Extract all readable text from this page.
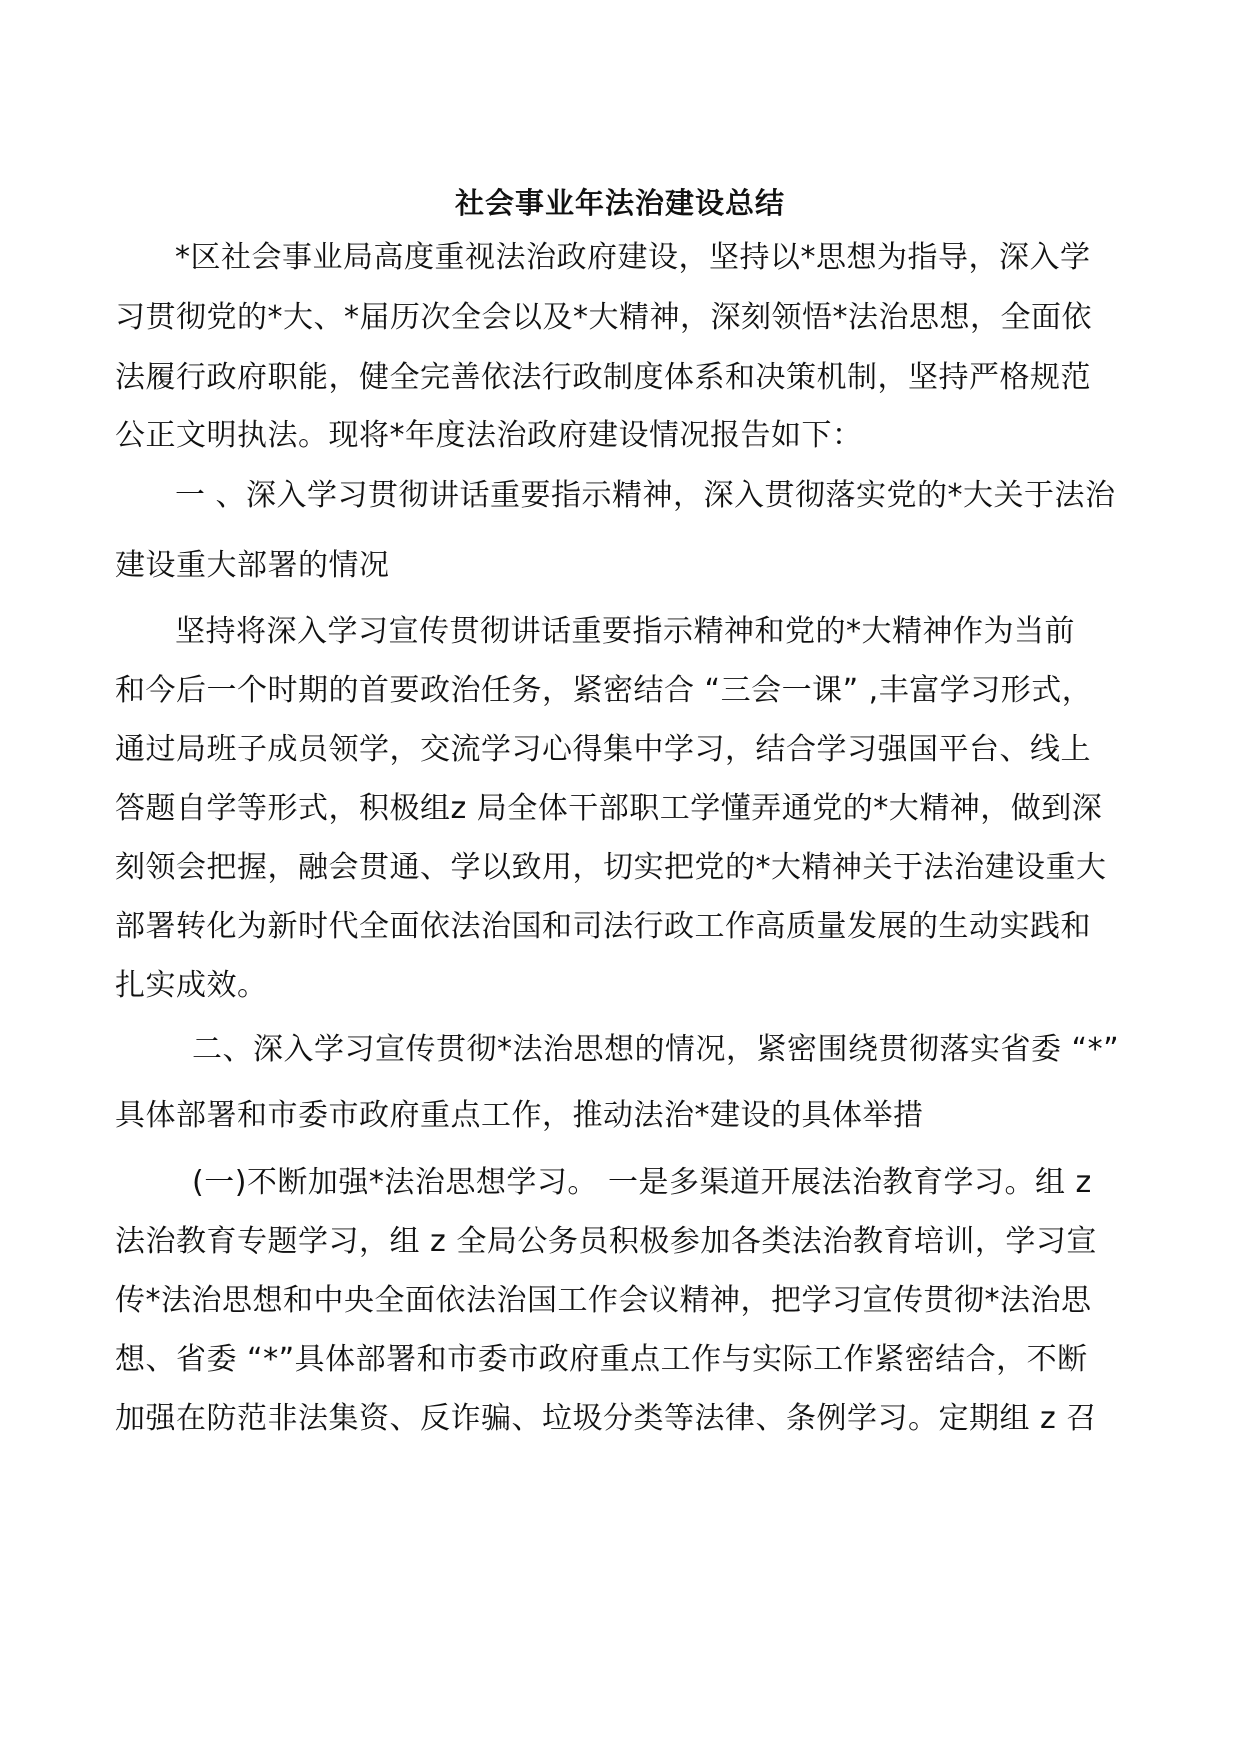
社会事业年法治建设总结
*区社会事业局高度重视法治政府建设，坚持以*思想为指导，深入学
习贯彻党的*大、*届历次全会以及*大精神，深刻领悟*法治思想，全面依
法履行政府职能，健全完善依法行政制度体系和决策机制，坚持严格规范
公正文明执法。现将*年度法治政府建设情况报告如下：
一 、深入学习贯彻讲话重要指示精神，深入贯彻落实党的*大关于法治
建设重大部署的情况
坚持将深入学习宣传贯彻讲话重要指示精神和党的*大精神作为当前
和今后一个时期的首要政治任务，紧密结合 “三会一课” ,丰富学习形式，
通过局班子成员领学，交流学习心得集中学习，结合学习强国平台、线上
答题自学等形式，积极组z 局全体干部职工学懂弄通党的*大精神，做到深
刻领会把握，融会贯通、学以致用，切实把党的*大精神关于法治建设重大
部署转化为新时代全面依法治国和司法行政工作高质量发展的生动实践和
扎实成效。
二、深入学习宣传贯彻*法治思想的情况，紧密围绕贯彻落实省委 “*”
具体部署和市委市政府重点工作，推动法治*建设的具体举措
(一)不断加强*法治思想学习。 一是多渠道开展法治教育学习。组 z
法治教育专题学习，组 z 全局公务员积极参加各类法治教育培训，学习宣
传*法治思想和中央全面依法治国工作会议精神，把学习宣传贯彻*法治思
想、省委 “*”具体部署和市委市政府重点工作与实际工作紧密结合，不断
加强在防范非法集资、反诈骗、垃圾分类等法律、条例学习。定期组 z 召
